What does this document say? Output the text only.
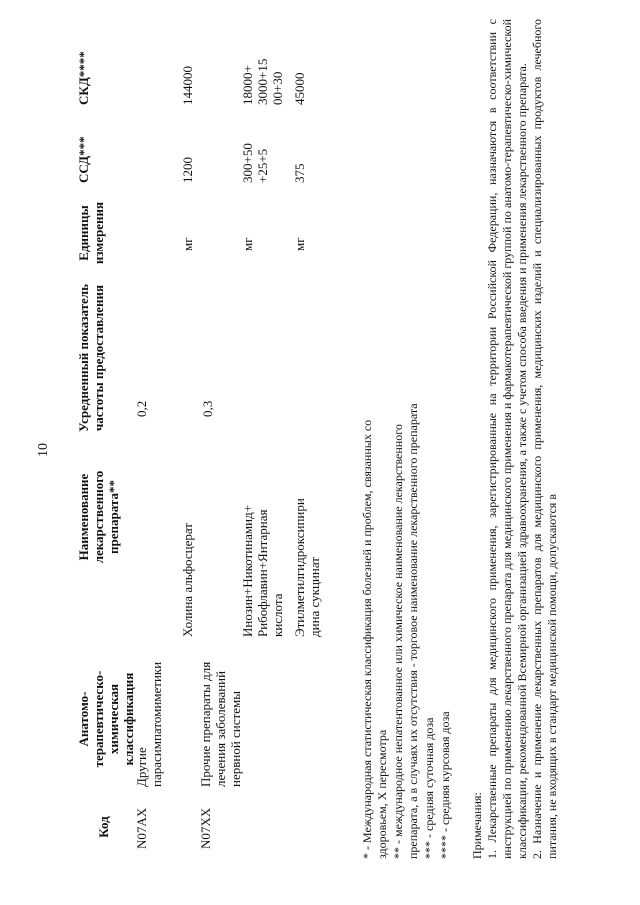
10
Код
Анатомо-терапевтическо-химическая классификация
Наименование лекарственного препарата**
Усредненный показатель частоты предоставления
Единицы измерения
ССД***
СКД****
N07AX
Другие парасимпатомиметики
0,2
Холина альфосцерат
мг
1200
144000
N07XX
Прочие препараты для лечения заболеваний нервной системы
0,3
Инозин+Никотинамид+ Рибофлавин+Янтарная кислота
мг
300+50 +25+5
18000+ 3000+15 00+30
Этилметилгидроксипири дина сукцинат
мг
375
45000
* - Международная статистическая классификация болезней и проблем, связанных со здоровьем, X пересмотра ** - международное непатентованное или химическое наименование лекарственного препарата, а в случаях их отсутствия - торговое наименование лекарственного препарата *** - средняя суточная доза **** - средняя курсовая доза Примечания: 1. Лекарственные препараты для медицинского применения, зарегистрированные на территории Российской Федерации, назначаются в соответствии с инструкцией по применению лекарственного препарата для медицинского применения и фармакотерапевтической группой по анатомо-терапевтическо-химической классификации, рекомендованной Всемирной организацией здравоохранения, а также с учетом способа введения и применения лекарственного препарата. 2. Назначение и применение лекарственных препаратов для медицинского применения, медицинских изделий и специализированных продуктов лечебного питания, не входящих в стандарт медицинской помощи, допускаются в
